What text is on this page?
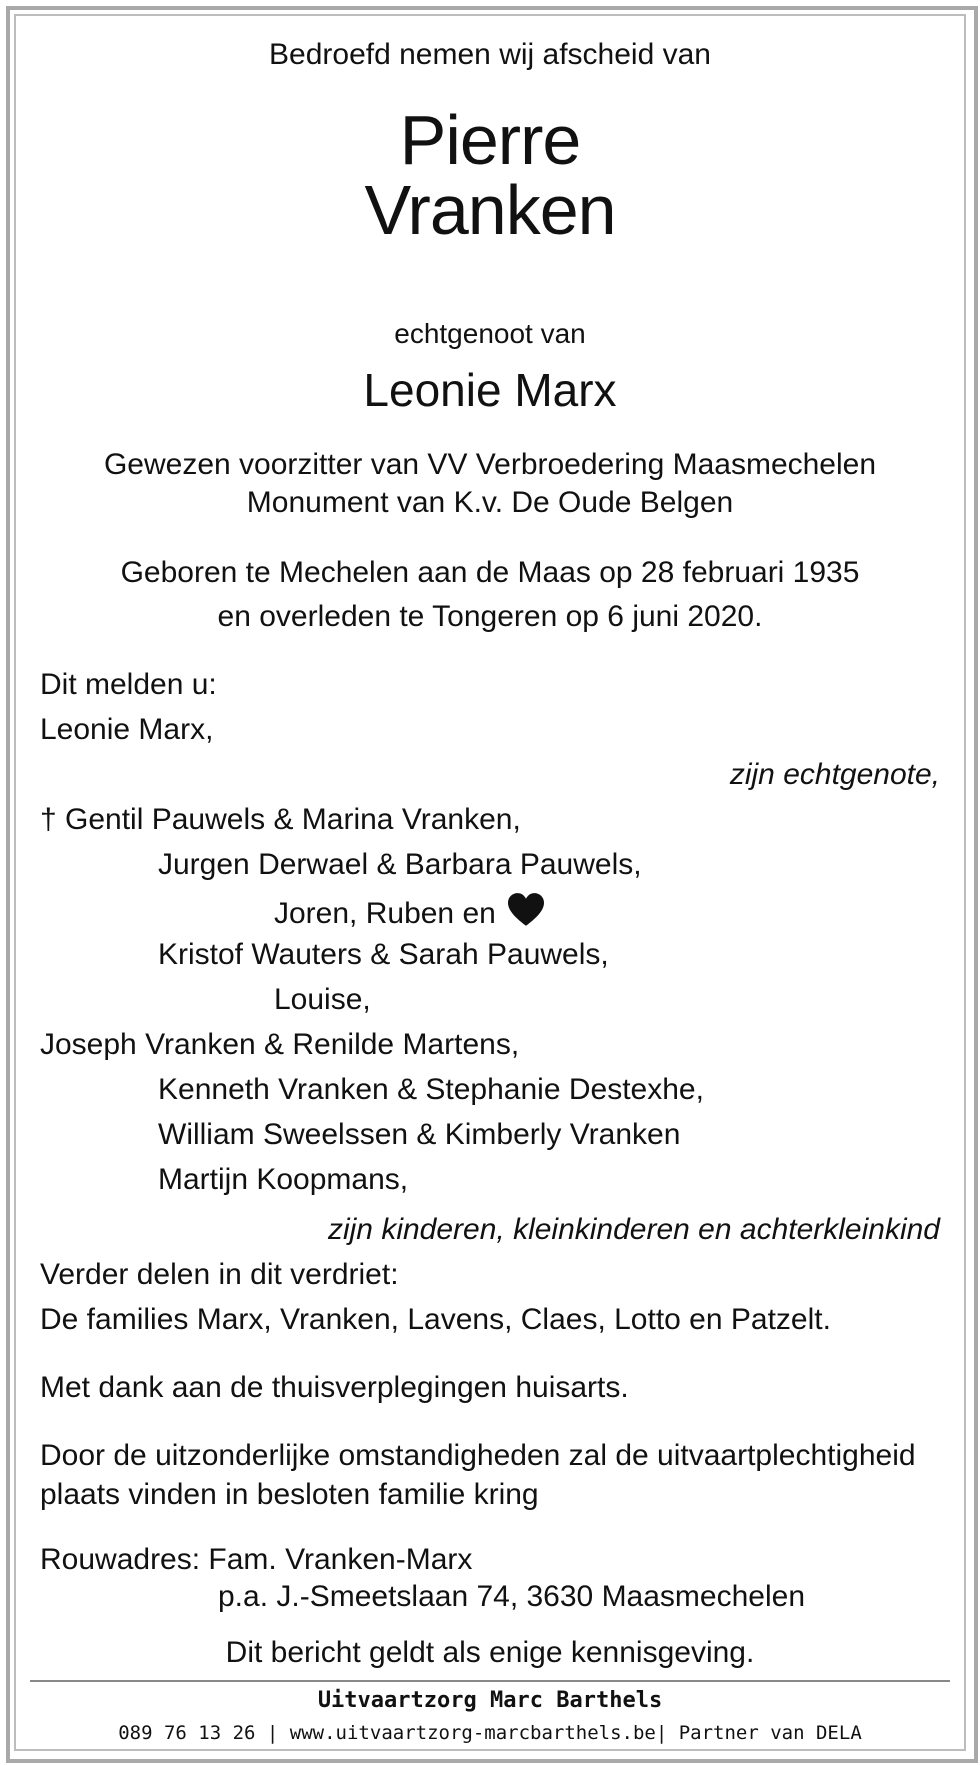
Bedroefd nemen wij afscheid van
Pierre
Vranken
echtgenoot van
Leonie Marx
Gewezen voorzitter van VV Verbroedering Maasmechelen
Monument van K.v. De Oude Belgen
Geboren te Mechelen aan de Maas op 28 februari 1935
en overleden te Tongeren op 6 juni 2020.
Dit melden u:
Leonie Marx,
zijn echtgenote,
† Gentil Pauwels & Marina Vranken,
Jurgen Derwael & Barbara Pauwels,
Joren, Ruben en
Kristof Wauters & Sarah Pauwels,
Louise,
Joseph Vranken & Renilde Martens,
Kenneth Vranken & Stephanie Destexhe,
William Sweelssen & Kimberly Vranken
Martijn Koopmans,
zijn kinderen, kleinkinderen en achterkleinkind
Verder delen in dit verdriet:
De families Marx, Vranken, Lavens, Claes, Lotto en Patzelt.
Met dank aan de thuisverplegingen huisarts.
Door de uitzonderlijke omstandigheden zal de uitvaartplechtigheid
plaats vinden in besloten familie kring
Rouwadres: Fam. Vranken-Marx
p.a. J.-Smeetslaan 74, 3630 Maasmechelen
Dit bericht geldt als enige kennisgeving.
Uitvaartzorg Marc Barthels
089 76 13 26 | www.uitvaartzorg-marcbarthels.be| Partner van DELA
